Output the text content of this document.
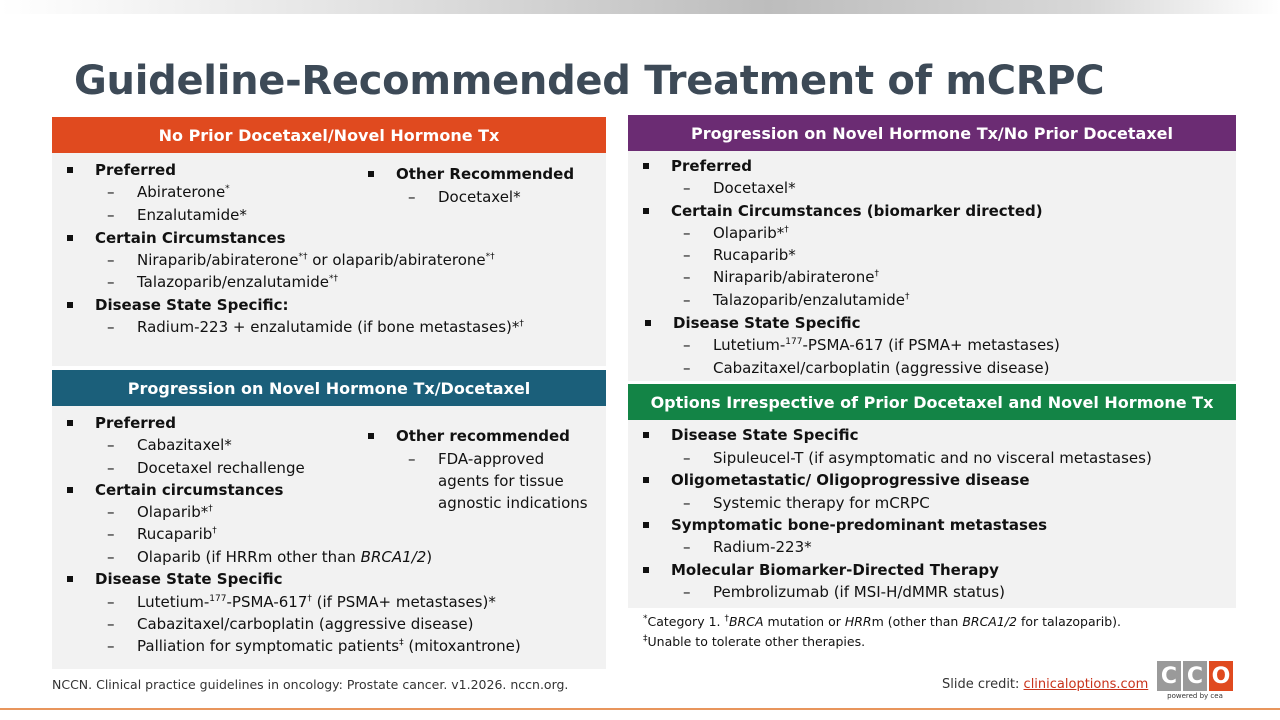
Guideline-Recommended Treatment of mCRPC
No Prior Docetaxel/Novel Hormone Tx
Preferred
– Abiraterone*
– Enzalutamide*
Other Recommended
– Docetaxel*
Certain Circumstances
– Niraparib/abiraterone*† or olaparib/abiraterone*†
– Talazoparib/enzalutamide*†
Disease State Specific:
– Radium-223 + enzalutamide (if bone metastases)*†
Progression on Novel Hormone Tx/Docetaxel
Preferred
– Cabazitaxel*
– Docetaxel rechallenge
Other recommended
– FDA-approved
agents for tissue
agnostic indications
Certain circumstances
– Olaparib*†
– Rucaparib†
– Olaparib (if HRRm other than BRCA1/2)
Disease State Specific
– Lutetium-$^{177}$-PSMA-617† (if PSMA+ metastases)*
– Cabazitaxel/carboplatin (aggressive disease)
– Palliation for symptomatic patients‡ (mitoxantrone)
Progression on Novel Hormone Tx/No Prior Docetaxel
Preferred
– Docetaxel*
Certain Circumstances (biomarker directed)
– Olaparib*†
– Rucaparib*
– Niraparib/abiraterone†
– Talazoparib/enzalutamide†
Disease State Specific
– Lutetium-$^{177}$-PSMA-617 (if PSMA+ metastases)
– Cabazitaxel/carboplatin (aggressive disease)
Options Irrespective of Prior Docetaxel and Novel Hormone Tx
Disease State Specific
– Sipuleucel-T (if asymptomatic and no visceral metastases)
Oligometastatic/ Oligoprogressive disease
– Systemic therapy for mCRPC
Symptomatic bone-predominant metastases
– Radium-223*
Molecular Biomarker-Directed Therapy
– Pembrolizumab (if MSI-H/dMMR status)
*Category 1. †BRCA mutation or HRRm (other than BRCA1/2 for talazoparib).
‡Unable to tolerate other therapies.
NCCN. Clinical practice guidelines in oncology: Prostate cancer. v1.2026. nccn.org.	Slide credit: clinicaloptions.com C C O
powered by cea
